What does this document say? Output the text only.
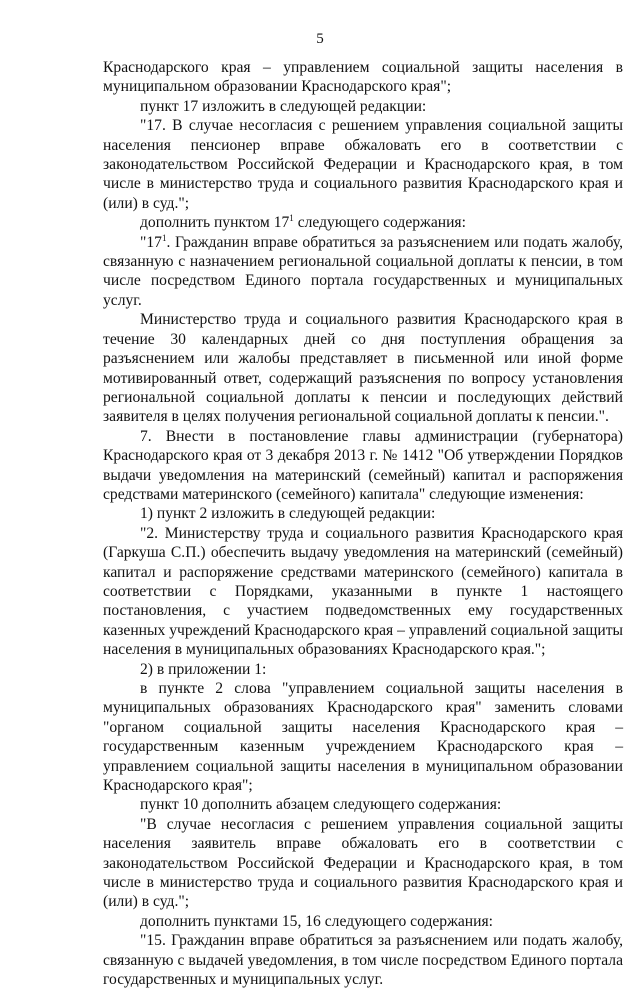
5

Краснодарского края – управлением социальной защиты населения в муниципальном образовании Краснодарского края";

пункт 17 изложить в следующей редакции:

"17. В случае несогласия с решением управления социальной защиты населения пенсионер вправе обжаловать его в соответствии с законодательством Российской Федерации и Краснодарского края, в том числе в министерство труда и социального развития Краснодарского края и (или) в суд.";

дополнить пунктом $17^1$ следующего содержания:

"$17^1$. Гражданин вправе обратиться за разъяснением или подать жалобу, связанную с назначением региональной социальной доплаты к пенсии, в том числе посредством Единого портала государственных и муниципальных услуг.

Министерство труда и социального развития Краснодарского края в течение 30 календарных дней со дня поступления обращения за разъяснением или жалобы представляет в письменной или иной форме мотивированный ответ, содержащий разъяснения по вопросу установления региональной социальной доплаты к пенсии и последующих действий заявителя в целях получения региональной социальной доплаты к пенсии.".

7. Внести в постановление главы администрации (губернатора) Краснодарского края от 3 декабря 2013 г. № 1412 "Об утверждении Порядков выдачи уведомления на материнский (семейный) капитал и распоряжения средствами материнского (семейного) капитала" следующие изменения:

1) пункт 2 изложить в следующей редакции:

"2. Министерству труда и социального развития Краснодарского края (Гаркуша С.П.) обеспечить выдачу уведомления на материнский (семейный) капитал и распоряжение средствами материнского (семейного) капитала в соответствии с Порядками, указанными в пункте 1 настоящего постановления, с участием подведомственных ему государственных казенных учреждений Краснодарского края – управлений социальной защиты населения в муниципальных образованиях Краснодарского края.";

2) в приложении 1:

в пункте 2 слова "управлением социальной защиты населения в муниципальных образованиях Краснодарского края" заменить словами "органом социальной защиты населения Краснодарского края – государственным казенным учреждением Краснодарского края – управлением социальной защиты населения в муниципальном образовании Краснодарского края";

пункт 10 дополнить абзацем следующего содержания:

"В случае несогласия с решением управления социальной защиты населения заявитель вправе обжаловать его в соответствии с законодательством Российской Федерации и Краснодарского края, в том числе в министерство труда и социального развития Краснодарского края и (или) в суд.";

дополнить пунктами 15, 16 следующего содержания:

"15. Гражданин вправе обратиться за разъяснением или подать жалобу, связанную с выдачей уведомления, в том числе посредством Единого портала государственных и муниципальных услуг.
